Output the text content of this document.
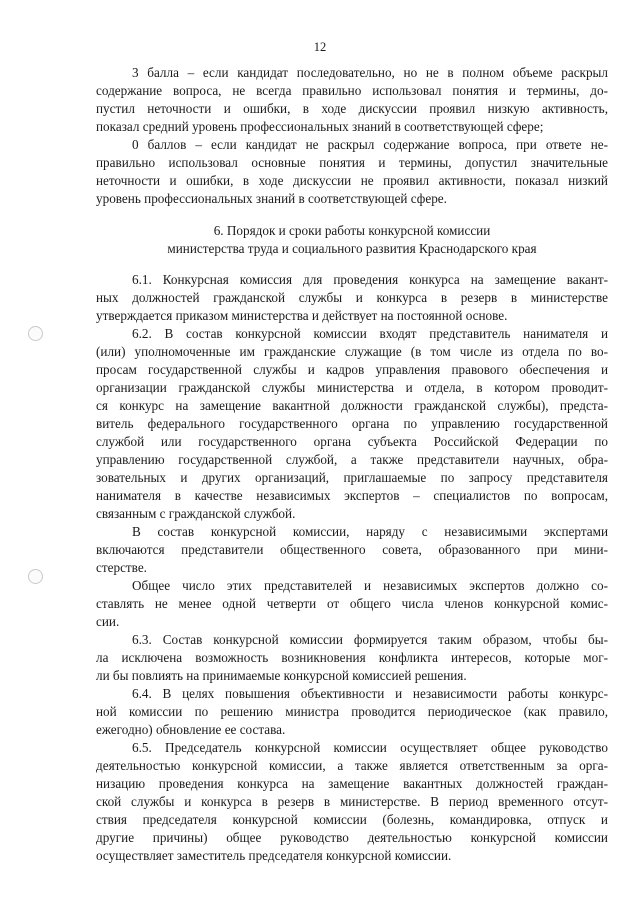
12
3 балла – если кандидат последовательно, но не в полном объеме раскрыл
содержание вопроса, не всегда правильно использовал понятия и термины, до-
пустил неточности и ошибки, в ходе дискуссии проявил низкую активность,
показал средний уровень профессиональных знаний в соответствующей сфере;
0 баллов – если кандидат не раскрыл содержание вопроса, при ответе не-
правильно использовал основные понятия и термины, допустил значительные
неточности и ошибки, в ходе дискуссии не проявил активности, показал низкий
уровень профессиональных знаний в соответствующей сфере.
6. Порядок и сроки работы конкурсной комиссии
министерства труда и социального развития Краснодарского края
6.1. Конкурсная комиссия для проведения конкурса на замещение вакант-
ных должностей гражданской службы и конкурса в резерв в министерстве
утверждается приказом министерства и действует на постоянной основе.
6.2. В состав конкурсной комиссии входят представитель нанимателя и
(или) уполномоченные им гражданские служащие (в том числе из отдела по во-
просам государственной службы и кадров управления правового обеспечения и
организации гражданской службы министерства и отдела, в котором проводит-
ся конкурс на замещение вакантной должности гражданской службы), предста-
витель федерального государственного органа по управлению государственной
службой или государственного органа субъекта Российской Федерации по
управлению государственной службой, а также представители научных, обра-
зовательных и других организаций, приглашаемые по запросу представителя
нанимателя в качестве независимых экспертов – специалистов по вопросам,
связанным с гражданской службой.
В состав конкурсной комиссии, наряду с независимыми экспертами
включаются представители общественного совета, образованного при мини-
стерстве.
Общее число этих представителей и независимых экспертов должно со-
ставлять не менее одной четверти от общего числа членов конкурсной комис-
сии.
6.3. Состав конкурсной комиссии формируется таким образом, чтобы бы-
ла исключена возможность возникновения конфликта интересов, которые мог-
ли бы повлиять на принимаемые конкурсной комиссией решения.
6.4. В целях повышения объективности и независимости работы конкурс-
ной комиссии по решению министра проводится периодическое (как правило,
ежегодно) обновление ее состава.
6.5. Председатель конкурсной комиссии осуществляет общее руководство
деятельностью конкурсной комиссии, а также является ответственным за орга-
низацию проведения конкурса на замещение вакантных должностей граждан-
ской службы и конкурса в резерв в министерстве. В период временного отсут-
ствия председателя конкурсной комиссии (болезнь, командировка, отпуск и
другие причины) общее руководство деятельностью конкурсной комиссии
осуществляет заместитель председателя конкурсной комиссии.
